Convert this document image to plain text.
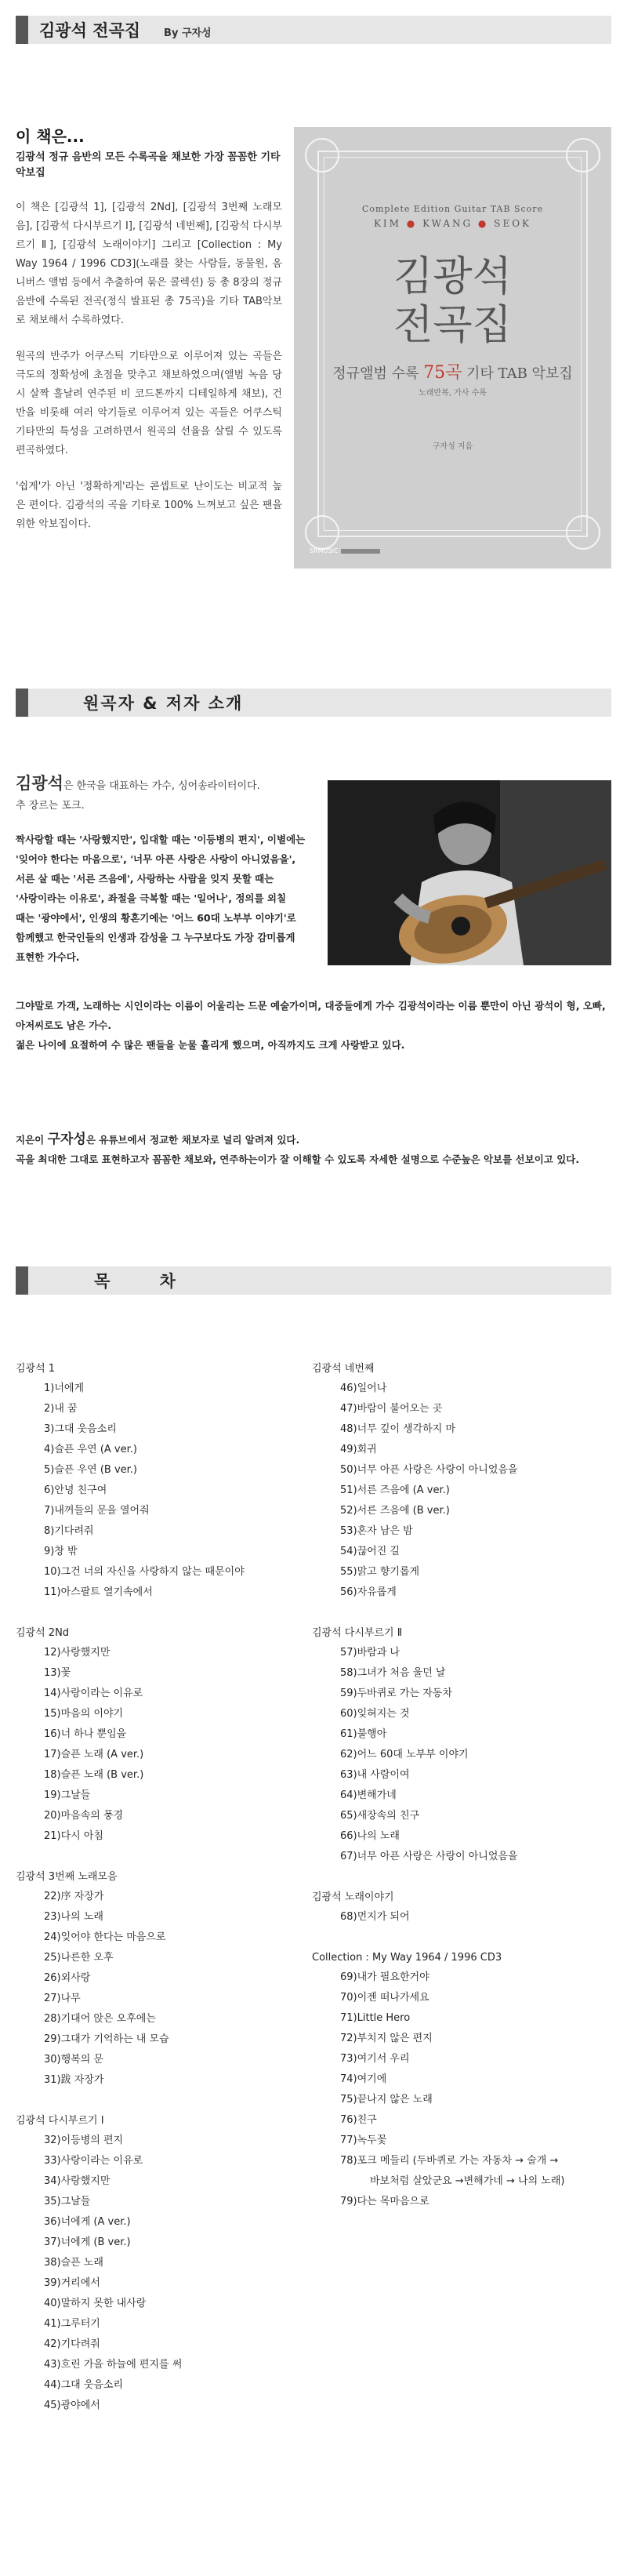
김광석 전곡집 By 구자성

이 책은...

김광석 정규 음반의 모든 수록곡을 채보한 가장 꼼꼼한 기타 악보집

이 책은 [김광석 1], [김광석 2Nd], [김광석 3번째 노래모음], [김광석 다시부르기 Ⅰ], [김광석 네번째], [김광석 다시부르기 Ⅱ], [김광석 노래이야기] 그리고 [Collection : My Way 1964 / 1996 CD3](노래를 찾는 사람들, 동물원, 옴니버스 앨범 등에서 추출하여 묶은 콜렉션) 등 총 8장의 정규 음반에 수록된 전곡(정식 발표된 총 75곡)을 기타 TAB악보로 채보해서 수록하였다.

원곡의 반주가 어쿠스틱 기타만으로 이루어져 있는 곡들은 극도의 정확성에 초점을 맞추고 채보하였으며(앨범 녹음 당시 살짝 흘날려 연주된 비 코드톤까지 디테일하게 채보), 건반을 비롯해 여러 악기들로 이루어져 있는 곡들은 어쿠스틱 기타만의 특성을 고려하면서 원곡의 선율을 살릴 수 있도록 편곡하였다.

'쉽게'가 아닌 '정확하게'라는 콘셉트로 난이도는 비교적 높은 편이다. 김광석의 곡을 기타로 100% 느껴보고 싶은 팬을 위한 악보집이다.

Complete Edition Guitar TAB Score
KIM ● KWANG ● SEOK
김광석
전곡집
정규앨범 수록 75곡 기타 TAB 악보집
노래반복, 가사 수록
구자성 지음
SRMUSIC
원곡자 & 저자 소개

김광석은 한국을 대표하는 가수, 싱어송라이터이다.

추 장르는 포크.

짝사랑할 때는 '사랑했지만', 입대할 때는 '이등병의 편지', 이별에는

'잊어야 한다는 마음으로', '너무 아픈 사랑은 사랑이 아니었음을',

서른 살 때는 '서른 즈음에', 사랑하는 사람을 잊지 못할 때는

'사랑이라는 이유로', 좌절을 극복할 때는 '일어나', 정의를 외칠

때는 '광야에서', 인생의 황혼기에는 '어느 60대 노부부 이야기'로

함께했고 한국인들의 인생과 감성을 그 누구보다도 가장 감미롭게

표현한 가수다.

그야말로 가객, 노래하는 시인이라는 이름이 어울리는 드문 예술가이며, 대중들에게 가수 김광석이라는 이름 뿐만이 아닌 광석이 형, 오빠, 아저씨로도 남은 가수.

젊은 나이에 요절하여 수 많은 팬들을 눈물 흘리게 했으며, 아직까지도 크게 사랑받고 있다.

지은이 구자성은 유튜브에서 정교한 채보자로 널리 알려져 있다.

곡을 최대한 그대로 표현하고자 꼼꼼한 채보와, 연주하는이가 잘 이해할 수 있도록 자세한 설명으로 수준높은 악보를 선보이고 있다.

목 차
김광석 1
1)너에게
2)내 꿈
3)그대 웃음소리
4)슬픈 우연 (A ver.)
5)슬픈 우연 (B ver.)
6)안녕 친구여
7)내꺼들의 문을 열어줘
8)기다려줘
9)창 밖
10)그건 너의 자신을 사랑하지 않는 때문이야
11)아스팔트 열기속에서
김광석 2Nd
12)사랑했지만
13)꽃
14)사랑이라는 이유로
15)마음의 이야기
16)너 하나 뿐임을
17)슬픈 노래 (A ver.)
18)슬픈 노래 (B ver.)
19)그날들
20)마음속의 풍경
21)다시 아침
김광석 3번째 노래모음
22)序 자장가
23)나의 노래
24)잊어야 한다는 마음으로
25)나른한 오후
26)외사랑
27)나무
28)기대어 앉은 오후에는
29)그대가 기억하는 내 모습
30)행복의 문
31)跋 자장가
김광석 다시부르기 Ⅰ
32)이등병의 편지
33)사랑이라는 이유로
34)사랑했지만
35)그날들
36)너에게 (A ver.)
37)너에게 (B ver.)
38)슬픈 노래
39)거리에서
40)말하지 못한 내사랑
41)그루터기
42)기다려줘
43)흐린 가을 하늘에 편지를 써
44)그대 웃음소리
45)광야에서
김광석 네번째
46)일어나
47)바람이 불어오는 곳
48)너무 깊이 생각하지 마
49)회귀
50)너무 아픈 사랑은 사랑이 아니었음을
51)서른 즈음에 (A ver.)
52)서른 즈음에 (B ver.)
53)혼자 남은 밤
54)끊어진 길
55)맑고 향기롭게
56)자유롭게
김광석 다시부르기 Ⅱ
57)바람과 나
58)그녀가 처음 울던 날
59)두바퀴로 가는 자동차
60)잊혀지는 것
61)불행아
62)어느 60대 노부부 이야기
63)내 사람이여
64)변해가네
65)새장속의 친구
66)나의 노래
67)너무 아픈 사랑은 사랑이 아니었음을
김광석 노래이야기
68)먼지가 되어
Collection : My Way 1964 / 1996 CD3
69)내가 필요한거야
70)이젠 떠나가세요
71)Little Hero
72)부치지 않은 편지
73)여기서 우리
74)여기에
75)끝나지 않은 노래
76)친구
77)녹두꽃
78)포크 메들리 (두바퀴로 가는 자동차 → 술개 →
바보처럼 살았군요 →변해가네 → 나의 노래)
79)다는 목마음으로
